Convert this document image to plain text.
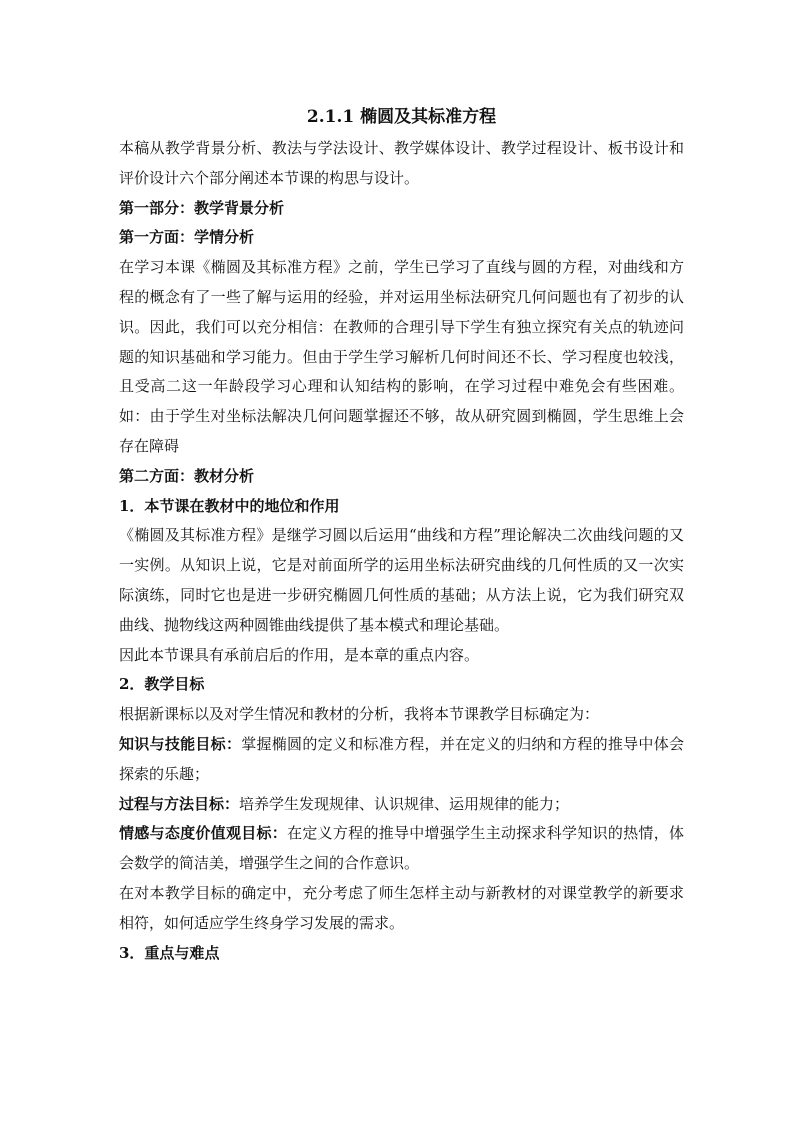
2.1.1 椭圆及其标准方程

本稿从教学背景分析、教法与学法设计、教学媒体设计、教学过程设计、板书设计和评价设计六个部分阐述本节课的构思与设计。

第一部分：教学背景分析

第一方面：学情分析

在学习本课《椭圆及其标准方程》之前，学生已学习了直线与圆的方程，对曲线和方程的概念有了一些了解与运用的经验，并对运用坐标法研究几何问题也有了初步的认识。因此，我们可以充分相信：在教师的合理引导下学生有独立探究有关点的轨迹问题的知识基础和学习能力。但由于学生学习解析几何时间还不长、学习程度也较浅，且受高二这一年龄段学习心理和认知结构的影响，在学习过程中难免会有些困难。如：由于学生对坐标法解决几何问题掌握还不够，故从研究圆到椭圆，学生思维上会存在障碍

第二方面：教材分析

1．本节课在教材中的地位和作用

《椭圆及其标准方程》是继学习圆以后运用“曲线和方程”理论解决二次曲线问题的又一实例。从知识上说，它是对前面所学的运用坐标法研究曲线的几何性质的又一次实际演练，同时它也是进一步研究椭圆几何性质的基础；从方法上说，它为我们研究双曲线、抛物线这两种圆锥曲线提供了基本模式和理论基础。

因此本节课具有承前启后的作用，是本章的重点内容。

2．教学目标

根据新课标以及对学生情况和教材的分析，我将本节课教学目标确定为：

知识与技能目标：掌握椭圆的定义和标准方程，并在定义的归纳和方程的推导中体会探索的乐趣；

过程与方法目标：培养学生发现规律、认识规律、运用规律的能力；

情感与态度价值观目标：在定义方程的推导中增强学生主动探求科学知识的热情，体会数学的简洁美，增强学生之间的合作意识。

在对本教学目标的确定中，充分考虑了师生怎样主动与新教材的对课堂教学的新要求相符，如何适应学生终身学习发展的需求。

3．重点与难点
